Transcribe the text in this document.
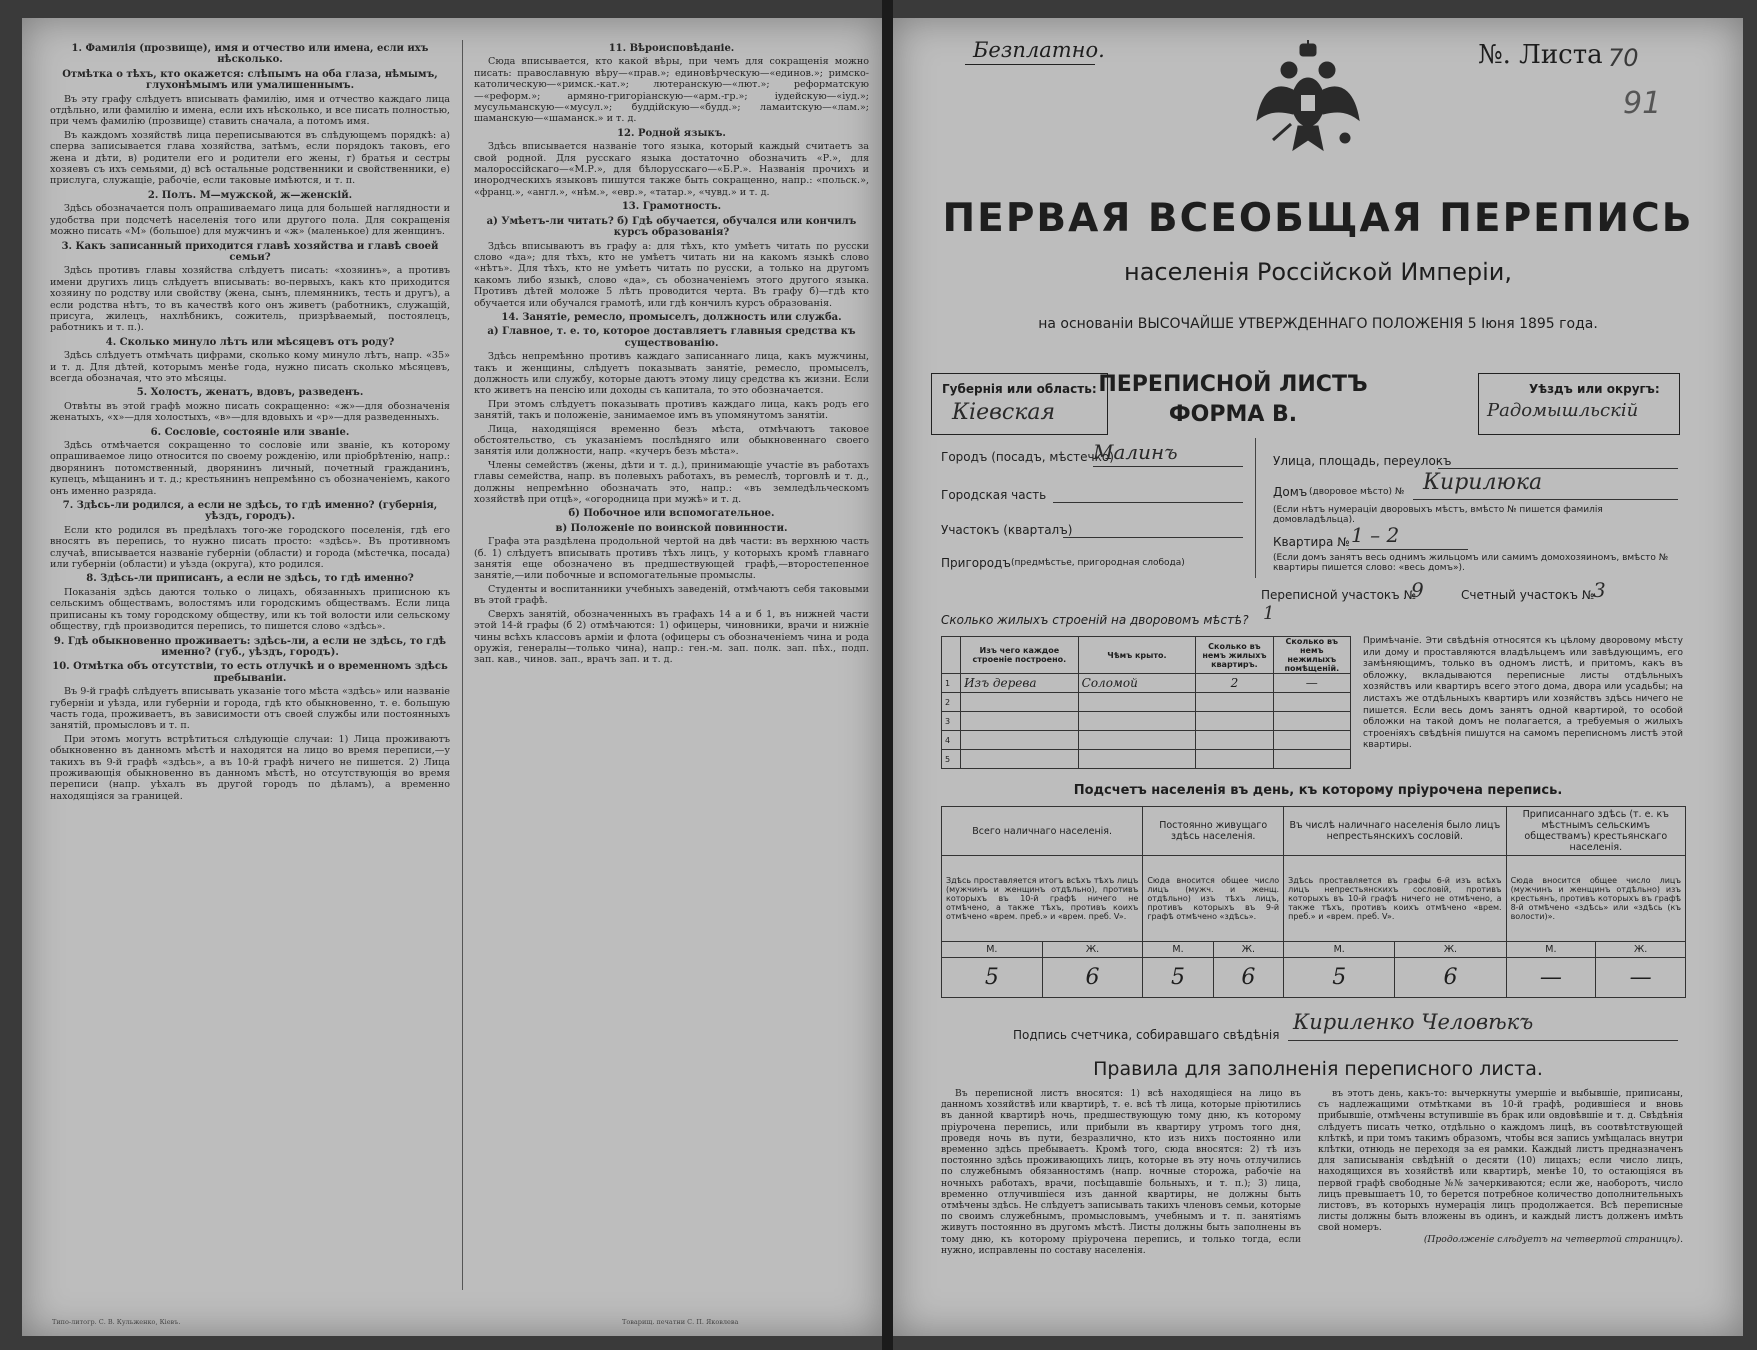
1. Фамилія (прозвище), имя и отчество или имена, если ихъ нѣсколько.
Отмѣтка о тѣхъ, кто окажется: слѣпымъ на оба глаза, нѣмымъ, глухонѣмымъ или умалишеннымъ.

Въ эту графу слѣдуетъ вписывать фамилію, имя и отчество каждаго лица отдѣльно, или фамилію и имена, если ихъ нѣсколько, и все писать полностью, при чемъ фамилію (прозвище) ставить сначала, а потомъ имя.

Въ каждомъ хозяйствѣ лица переписываются въ слѣдующемъ порядкѣ: а) сперва записывается глава хозяйства, затѣмъ, если порядокъ таковъ, его жена и дѣти, в) родители его и родители его жены, г) братья и сестры хозяевъ съ ихъ семьями, д) всѣ остальные родственники и свойственники, е) прислуга, служащіе, рабочіе, если таковые имѣются, и т. п.

2. Полъ. М—мужской, ж—женскій.

Здѣсь обозначается полъ опрашиваемаго лица для большей наглядности и удобства при подсчетѣ населенія того или другого пола. Для сокращенія можно писать «М» (большое) для мужчинъ и «ж» (маленькое) для женщинъ.

3. Какъ записанный приходится главѣ хозяйства и главѣ своей семьи?

Здѣсь противъ главы хозяйства слѣдуетъ писать: «хозяинъ», а противъ имени другихъ лицъ слѣдуетъ вписывать: во-первыхъ, какъ кто приходится хозяину по родству или свойству (жена, сынъ, племянникъ, тесть и другъ), а если родства нѣтъ, то въ качествѣ кого онъ живетъ (работникъ, служащій, присуга, жилецъ, нахлѣбникъ, сожитель, призрѣваемый, постоялецъ, работникъ и т. п.).

4. Сколько минуло лѣтъ или мѣсяцевъ отъ роду?

Здѣсь слѣдуетъ отмѣчать цифрами, сколько кому минуло лѣтъ, напр. «35» и т. д. Для дѣтей, которымъ менѣе года, нужно писать сколько мѣсяцевъ, всегда обозначая, что это мѣсяцы.

5. Холостъ, женатъ, вдовъ, разведенъ.

Отвѣты въ этой графѣ можно писать сокращенно: «ж»—для обозначенія женатыхъ, «х»—для холостыхъ, «в»—для вдовыхъ и «р»—для разведенныхъ.

6. Сословіе, состояніе или званіе.

Здѣсь отмѣчается сокращенно то сословіе или званіе, къ которому опрашиваемое лицо относится по своему рожденію, или пріобрѣтенію, напр.: дворянинъ потомственный, дворянинъ личный, почетный гражданинъ, купецъ, мѣщанинъ и т. д.; крестьянинъ непремѣнно съ обозначеніемъ, какого онъ именно разряда.

7. Здѣсь-ли родился, а если не здѣсь, то гдѣ именно? (губернія, уѣздъ, городъ).

Если кто родился въ предѣлахъ того-же городского поселенія, гдѣ его вносятъ въ перепись, то нужно писать просто: «здѣсь». Въ противномъ случаѣ, вписывается названіе губерніи (области) и города (мѣстечка, посада) или губерніи (области) и уѣзда (округа), кто родился.

8. Здѣсь-ли приписанъ, а если не здѣсь, то гдѣ именно?

Показанія здѣсь даются только о лицахъ, обязанныхъ приписною къ сельскимъ обществамъ, волостямъ или городскимъ обществамъ. Если лица приписаны къ тому городскому обществу, или къ той волости или сельскому обществу, гдѣ производится перепись, то пишется слово «здѣсь».

9. Гдѣ обыкновенно проживаетъ: здѣсь-ли, а если не здѣсь, то гдѣ именно? (губ., уѣздъ, городъ).
10. Отмѣтка объ отсутствіи, то есть отлучкѣ и о временномъ здѣсь пребываніи.

Въ 9-й графѣ слѣдуетъ вписывать указаніе того мѣста «здѣсь» или названіе губерніи и уѣзда, или губерніи и города, гдѣ кто обыкновенно, т. е. большую часть года, проживаетъ, въ зависимости отъ своей службы или постоянныхъ занятій, промысловъ и т. п.

При этомъ могутъ встрѣтиться слѣдующіе случаи: 1) Лица проживаютъ обыкновенно въ данномъ мѣстѣ и находятся на лицо во время переписи,—у такихъ въ 9-й графѣ «здѣсь», а въ 10-й графѣ ничего не пишется. 2) Лица проживающія обыкновенно въ данномъ мѣстѣ, но отсутствующія во время переписи (напр. уѣхалъ въ другой городъ по дѣламъ), а временно находящіяся за границей.

11. Вѣроисповѣданіе.

Сюда вписывается, кто какой вѣры, при чемъ для сокращенія можно писать: православную вѣру—«прав.»; единовѣрческую—«единов.»; римско-католическую—«римск.-кат.»; лютеранскую—«лют.»; реформатскую—«реформ.»; армяно-григоріанскую—«арм.-гр.»; іудейскую—«іуд.»; мусульманскую—«мусул.»; буддійскую—«будд.»; ламаитскую—«лам.»; шаманскую—«шаманск.» и т. д.

12. Родной языкъ.

Здѣсь вписывается названіе того языка, который каждый считаетъ за свой родной. Для русскаго языка достаточно обозначить «Р.», для малороссійскаго—«М.Р.», для бѣлорусскаго—«Б.Р.». Названія прочихъ и инородческихъ языковъ пишутся также быть сокращенно, напр.: «польск.», «франц.», «англ.», «нѣм.», «евр.», «татар.», «чувд.» и т. д.

13. Грамотность.
а) Умѣетъ-ли читать? б) Гдѣ обучается, обучался или кончилъ курсъ образованія?

Здѣсь вписываютъ въ графу а: для тѣхъ, кто умѣетъ читать по русски слово «да»; для тѣхъ, кто не умѣетъ читать ни на какомъ языкѣ слово «нѣтъ». Для тѣхъ, кто не умѣетъ читать по русски, а только на другомъ какомъ либо языкѣ, слово «да», съ обозначеніемъ этого другого языка. Противъ дѣтей моложе 5 лѣтъ проводится черта. Въ графу б)—гдѣ кто обучается или обучался грамотѣ, или гдѣ кончилъ курсъ образованія.

14. Занятіе, ремесло, промыселъ, должность или служба.
а) Главное, т. е. то, которое доставляетъ главныя средства къ существованію.

Здѣсь непремѣнно противъ каждаго записаннаго лица, какъ мужчины, такъ и женщины, слѣдуетъ показывать занятіе, ремесло, промыселъ, должность или службу, которые даютъ этому лицу средства къ жизни. Если кто живетъ на пенсію или доходы съ капитала, то это обозначается.

При этомъ слѣдуетъ показывать противъ каждаго лица, какъ родъ его занятій, такъ и положеніе, занимаемое имъ въ упомянутомъ занятіи.

Лица, находящіяся временно безъ мѣста, отмѣчаютъ таковое обстоятельство, съ указаніемъ послѣдняго или обыкновеннаго своего занятія или должности, напр. «кучеръ безъ мѣста».

Члены семействъ (жены, дѣти и т. д.), принимающіе участіе въ работахъ главы семейства, напр. въ полевыхъ работахъ, въ ремеслѣ, торговлѣ и т. д., должны непремѣнно обозначать это, напр.: «въ земледѣльческомъ хозяйствѣ при отцѣ», «огородница при мужѣ» и т. д.

б) Побочное или вспомогательное.
в) Положеніе по воинской повинности.

Графа эта раздѣлена продольной чертой на двѣ части: въ верхнюю часть (б. 1) слѣдуетъ вписывать противъ тѣхъ лицъ, у которыхъ кромѣ главнаго занятія еще обозначено въ предшествующей графѣ,—второстепенное занятіе,—или побочные и вспомогательные промыслы.

Студенты и воспитанники учебныхъ заведеній, отмѣчаютъ себя таковыми въ этой графѣ.

Сверхъ занятій, обозначенныхъ въ графахъ 14 а и б 1, въ нижней части этой 14-й графы (б 2) отмѣчаются: 1) офицеры, чиновники, врачи и нижніе чины всѣхъ классовъ арміи и флота (офицеры съ обозначеніемъ чина и рода оружія, генералы—только чина), напр.: ген.-м. зап. полк. зап. пѣх., подп. зап. кав., чинов. зап., врачъ зап. и т. д.

Типо-литогр. С. В. Кульженко, Кіевъ.	Товарищ. печатни С. П. Яковлева
Безплатно.	№. Листа 70
91
ПЕРВАЯ ВСЕОБЩАЯ ПЕРЕПИСЬ
населенія Россійской Имперіи,
на основаніи ВЫСОЧАЙШЕ УТВЕРЖДЕННАГО ПОЛОЖЕНІЯ 5 Іюня 1895 года.
Губернія или область:
Кіевская
ПЕРЕПИСНОЙ ЛИСТЪ
ФОРМА В.
Уѣздъ или округъ:
Радомышльскій
Городъ (посадъ, мѣстечко)
Малинъ
Городская часть
Участокъ (кварталъ)
Пригородъ (предмѣстье, пригородная слобода)
Улица, площадь, переулокъ
Домъ (дворовое мѣсто) № Кирилюка
(Если нѣтъ нумераціи дворовыхъ мѣстъ, вмѣсто № пишется фамилія домовладѣльца).
Квартира № 1 – 2
(Если домъ занятъ весь однимъ жильцомъ или самимъ домохозяиномъ, вмѣсто № квартиры пишется слово: «весь домъ»).
Переписной участокъ №
9	Счетный участокъ №
3
Сколько жилыхъ строеній на дворовомъ мѣстѣ? 1
	Изъ чего каждое строеніе построено.	Чѣмъ крыто.	Сколько въ немъ жилыхъ квартиръ.	Сколько въ немъ нежилыхъ помѣщеній.
1	Изъ дерева	Соломой	2	—
2				
3				
4				
5				
Примѣчаніе. Эти свѣдѣнія относятся къ цѣлому дворовому мѣсту или дому и проставляются владѣльцемъ или завѣдующимъ, его замѣняющимъ, только въ одномъ листѣ, и притомъ, какъ въ обложку, вкладываются переписные листы отдѣльныхъ хозяйствъ или квартиръ всего этого дома, двора или усадьбы; на листахъ же отдѣльныхъ квартиръ или хозяйствъ здѣсь ничего не пишется. Если весь домъ занятъ одной квартирой, то особой обложки на такой домъ не полагается, а требуемыя о жилыхъ строеніяхъ свѣдѣнія пишутся на самомъ переписномъ листѣ этой квартиры.
Подсчетъ населенія въ день, къ которому пріурочена перепись.
Всего наличнаго населенія.		Постоянно живущаго здѣсь населенія.		Въ числѣ наличнаго населенія было лицъ непрестьянскихъ сословій.		Приписаннаго здѣсь (т. е. къ мѣстнымъ сельскимъ обществамъ) крестьянскаго населенія.	
Здѣсь проставляется итогъ всѣхъ тѣхъ лицъ (мужчинъ и женщинъ отдѣльно), противъ которыхъ въ 10-й графѣ ничего не отмѣчено, а также тѣхъ, противъ коихъ отмѣчено «врем. преб.» и «врем. преб. V».		Сюда вносится общее число лицъ (мужч. и женщ. отдѣльно) изъ тѣхъ лицъ, противъ которыхъ въ 9-й графѣ отмѣчено «здѣсь».		Здѣсь проставляется въ графы 6-й изъ всѣхъ лицъ непрестьянскихъ сословій, противъ которыхъ въ 10-й графѣ ничего не отмѣчено, а также тѣхъ, противъ коихъ отмѣчено «врем. преб.» и «врем. преб. V».		Сюда вносится общее число лицъ (мужчинъ и женщинъ отдѣльно) изъ крестьянъ, противъ которыхъ въ графѣ 8-й отмѣчено «здѣсь» или «здѣсь (къ волости)».	
М.	Ж.	М.	Ж.	М.	Ж.	М.	Ж.
5	6	5	6	5	6	—	—
Подпись счетчика, собиравшаго свѣдѣнія
Кириленко Человѣкъ
Правила для заполненія переписного листа.

Въ переписной листъ вносятся: 1) всѣ находящіеся на лицо въ данномъ хозяйствѣ или квартирѣ, т. е. всѣ тѣ лица, которые пріютились въ данной квартирѣ ночь, предшествующую тому дню, къ которому пріурочена перепись, или прибыли въ квартиру утромъ того дня, проведя ночь въ пути, безразлично, кто изъ нихъ постоянно или временно здѣсь пребываетъ. Кромѣ того, сюда вносятся: 2) тѣ изъ постоянно здѣсь проживающихъ лицъ, которые въ эту ночь отлучились по служебнымъ обязанностямъ (напр. ночные сторожа, рабочіе на ночныхъ работахъ, врачи, посѣщавшіе больныхъ, и т. п.); 3) лица, временно отлучившіеся изъ данной квартиры, не должны быть отмѣчены здѣсь. Не слѣдуетъ записывать такихъ членовъ семьи, которые по своимъ служебнымъ, промысловымъ, учебнымъ и т. п. занятіямъ живутъ постоянно въ другомъ мѣстѣ. Листы должны быть заполнены въ тому дню, къ которому пріурочена перепись, и только тогда, если нужно, исправлены по составу населенія.

въ этотъ день, какъ-то: вычеркнуты умершіе и выбывшіе, приписаны, съ надлежащими отмѣтками въ 10-й графѣ, родившіеся и вновь прибывшіе, отмѣчены вступившіе въ брак или овдовѣвшіе и т. д. Свѣдѣнія слѣдуетъ писать четко, отдѣльно о каждомъ лицѣ, въ соотвѣтствующей клѣткѣ, и при томъ такимъ образомъ, чтобы вся запись умѣщалась внутри клѣтки, отнюдь не переходя за ея рамки. Каждый листъ предназначенъ для записыванія свѣдѣній о десяти (10) лицахъ; если число лицъ, находящихся въ хозяйствѣ или квартирѣ, менѣе 10, то остающіяся въ первой графѣ свободные №№ зачеркиваются; если же, наоборотъ, число лицъ превышаетъ 10, то берется потребное количество дополнительныхъ листовъ, въ которыхъ нумерація лицъ продолжается. Всѣ переписные листы должны быть вложены въ одинъ, и каждый листъ долженъ имѣть свой номеръ.

(Продолженіе слѣдуетъ на четвертой страницѣ).
